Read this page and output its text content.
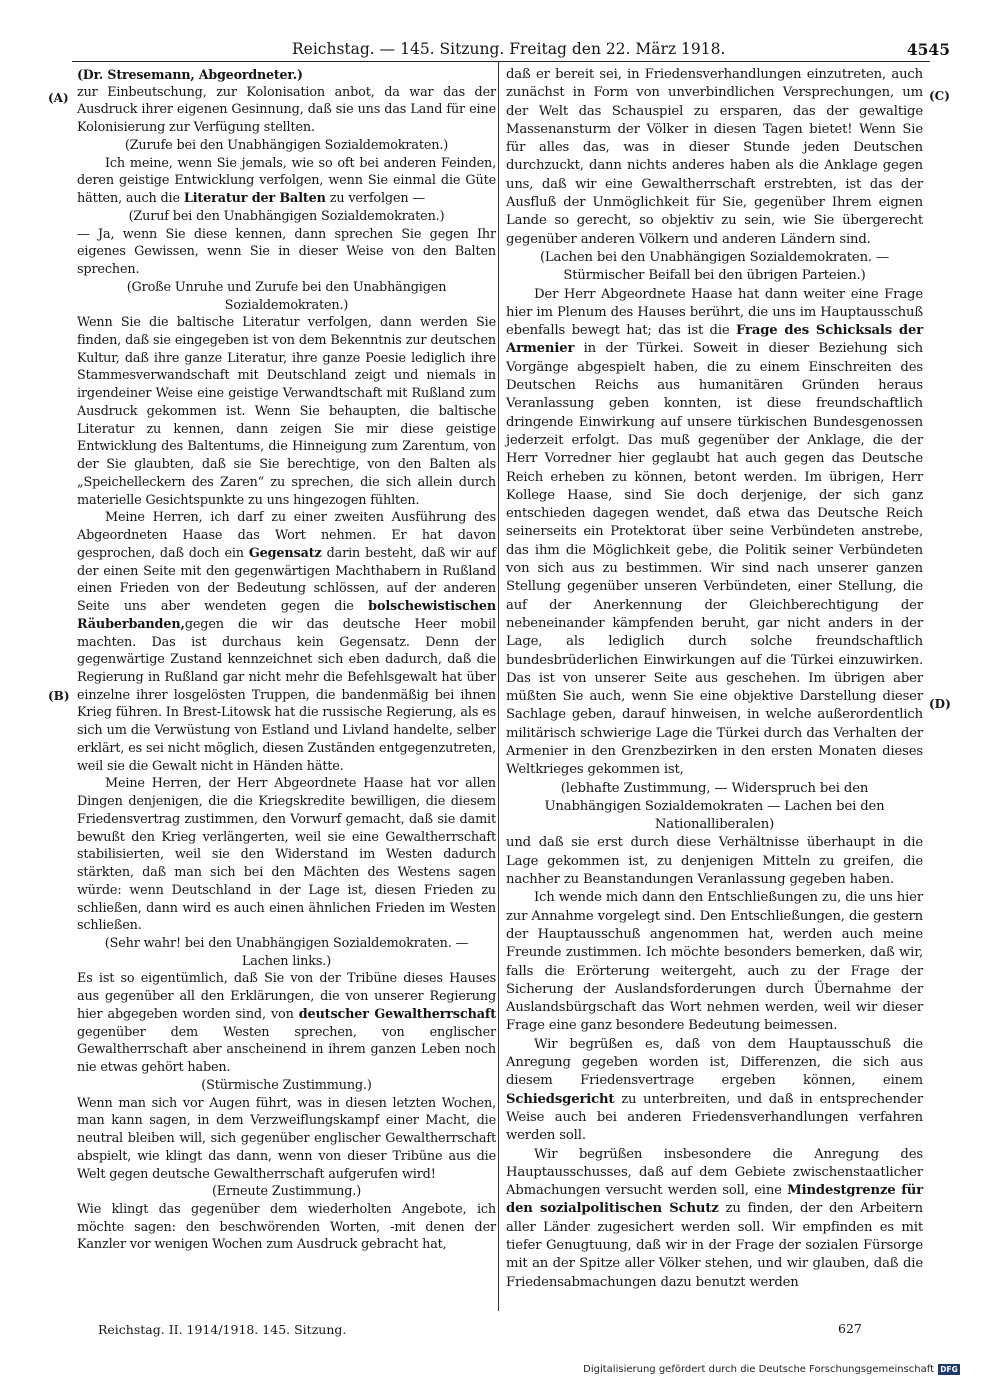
Reichstag. — 145. Sitzung. Freitag den 22. März 1918.	4545
(A)
(B)
(C)
(D)

(Dr. Stresemann, Abgeordneter.)

zur Einbeutschung, zur Kolonisation anbot, da war das der Ausdruck ihrer eigenen Gesinnung, daß sie uns das Land für eine Kolonisierung zur Verfügung stellten.

(Zurufe bei den Unabhängigen Sozialdemokraten.)

Ich meine, wenn Sie jemals, wie so oft bei anderen Feinden, deren geistige Entwicklung verfolgen, wenn Sie einmal die Güte hätten, auch die Literatur der Balten zu verfolgen —

(Zuruf bei den Unabhängigen Sozialdemokraten.)

— Ja, wenn Sie diese kennen, dann sprechen Sie gegen Ihr eigenes Gewissen, wenn Sie in dieser Weise von den Balten sprechen.

(Große Unruhe und Zurufe bei den Unabhängigen Sozialdemokraten.)

Wenn Sie die baltische Literatur verfolgen, dann werden Sie finden, daß sie eingegeben ist von dem Bekenntnis zur deutschen Kultur, daß ihre ganze Literatur, ihre ganze Poesie lediglich ihre Stammesverwandschaft mit Deutschland zeigt und niemals in irgendeiner Weise eine geistige Verwandtschaft mit Rußland zum Ausdruck gekommen ist. Wenn Sie behaupten, die baltische Literatur zu kennen, dann zeigen Sie mir diese geistige Entwicklung des Baltentums, die Hinneigung zum Zarentum, von der Sie glaubten, daß sie Sie berechtige, von den Balten als „Speichelleckern des Zaren“ zu sprechen, die sich allein durch materielle Gesichtspunkte zu uns hingezogen fühlten.

Meine Herren, ich darf zu einer zweiten Ausführung des Abgeordneten Haase das Wort nehmen. Er hat davon gesprochen, daß doch ein Gegensatz darin besteht, daß wir auf der einen Seite mit den gegenwärtigen Machthabern in Rußland einen Frieden von der Bedeutung schlössen, auf der anderen Seite uns aber wendeten gegen die bolschewistischen Räuberbanden,gegen die wir das deutsche Heer mobil machten. Das ist durchaus kein Gegensatz. Denn der gegenwärtige Zustand kennzeichnet sich eben dadurch, daß die Regierung in Rußland gar nicht mehr die Befehlsgewalt hat über einzelne ihrer losgelösten Truppen, die bandenmäßig bei ihnen Krieg führen. In Brest-Litowsk hat die russische Regierung, als es sich um die Verwüstung von Estland und Livland handelte, selber erklärt, es sei nicht möglich, diesen Zuständen entgegenzutreten, weil sie die Gewalt nicht in Händen hätte.

Meine Herren, der Herr Abgeordnete Haase hat vor allen Dingen denjenigen, die die Kriegskredite bewilligen, die diesem Friedensvertrag zustimmen, den Vorwurf gemacht, daß sie damit bewußt den Krieg verlängerten, weil sie eine Gewaltherrschaft stabilisierten, weil sie den Widerstand im Westen dadurch stärkten, daß man sich bei den Mächten des Westens sagen würde: wenn Deutschland in der Lage ist, diesen Frieden zu schließen, dann wird es auch einen ähnlichen Frieden im Westen schließen.

(Sehr wahr! bei den Unabhängigen Sozialdemokraten. — Lachen links.)

Es ist so eigentümlich, daß Sie von der Tribüne dieses Hauses aus gegenüber all den Erklärungen, die von unserer Regierung hier abgegeben worden sind, von deutscher Gewaltherrschaft gegenüber dem Westen sprechen, von englischer Gewaltherrschaft aber anscheinend in ihrem ganzen Leben noch nie etwas gehört haben.

(Stürmische Zustimmung.)

Wenn man sich vor Augen führt, was in diesen letzten Wochen, man kann sagen, in dem Verzweiflungskampf einer Macht, die neutral bleiben will, sich gegenüber englischer Gewaltherrschaft abspielt, wie klingt das dann, wenn von dieser Tribüne aus die Welt gegen deutsche Gewaltherrschaft aufgerufen wird!

(Erneute Zustimmung.)

Wie klingt das gegenüber dem wiederholten Angebote, ich möchte sagen: den beschwörenden Worten, -mit denen der Kanzler vor wenigen Wochen zum Ausdruck gebracht hat,

daß er bereit sei, in Friedensverhandlungen einzutreten, auch zunächst in Form von unverbindlichen Versprechungen, um der Welt das Schauspiel zu ersparen, das der gewaltige Massenansturm der Völker in diesen Tagen bietet! Wenn Sie für alles das, was in dieser Stunde jeden Deutschen durchzuckt, dann nichts anderes haben als die Anklage gegen uns, daß wir eine Gewaltherrschaft erstrebten, ist das der Ausfluß der Unmöglichkeit für Sie, gegenüber Ihrem eignen Lande so gerecht, so objektiv zu sein, wie Sie übergerecht gegenüber anderen Völkern und anderen Ländern sind.

(Lachen bei den Unabhängigen Sozialdemokraten. — Stürmischer Beifall bei den übrigen Parteien.)

Der Herr Abgeordnete Haase hat dann weiter eine Frage hier im Plenum des Hauses berührt, die uns im Hauptausschuß ebenfalls bewegt hat; das ist die Frage des Schicksals der Armenier in der Türkei. Soweit in dieser Beziehung sich Vorgänge abgespielt haben, die zu einem Einschreiten des Deutschen Reichs aus humanitären Gründen heraus Veranlassung geben konnten, ist diese freundschaftlich dringende Einwirkung auf unsere türkischen Bundesgenossen jederzeit erfolgt. Das muß gegenüber der Anklage, die der Herr Vorredner hier geglaubt hat auch gegen das Deutsche Reich erheben zu können, betont werden. Im übrigen, Herr Kollege Haase, sind Sie doch derjenige, der sich ganz entschieden dagegen wendet, daß etwa das Deutsche Reich seinerseits ein Protektorat über seine Verbündeten anstrebe, das ihm die Möglichkeit gebe, die Politik seiner Verbündeten von sich aus zu bestimmen. Wir sind nach unserer ganzen Stellung gegenüber unseren Verbündeten, einer Stellung, die auf der Anerkennung der Gleichberechtigung der nebeneinander kämpfenden beruht, gar nicht anders in der Lage, als lediglich durch solche freundschaftlich bundesbrüderlichen Einwirkungen auf die Türkei einzuwirken. Das ist von unserer Seite aus geschehen. Im übrigen aber müßten Sie auch, wenn Sie eine objektive Darstellung dieser Sachlage geben, darauf hinweisen, in welche außerordentlich militärisch schwierige Lage die Türkei durch das Verhalten der Armenier in den Grenzbezirken in den ersten Monaten dieses Weltkrieges gekommen ist,

(lebhafte Zustimmung, — Widerspruch bei den Unabhängigen Sozialdemokraten — Lachen bei den Nationalliberalen)

und daß sie erst durch diese Verhältnisse überhaupt in die Lage gekommen ist, zu denjenigen Mitteln zu greifen, die nachher zu Beanstandungen Veranlassung gegeben haben.

Ich wende mich dann den Entschließungen zu, die uns hier zur Annahme vorgelegt sind. Den Entschließungen, die gestern der Hauptausschuß angenommen hat, werden auch meine Freunde zustimmen. Ich möchte besonders bemerken, daß wir, falls die Erörterung weitergeht, auch zu der Frage der Sicherung der Auslandsforderungen durch Übernahme der Auslandsbürgschaft das Wort nehmen werden, weil wir dieser Frage eine ganz besondere Bedeutung beimessen.

Wir begrüßen es, daß von dem Hauptausschuß die Anregung gegeben worden ist, Differenzen, die sich aus diesem Friedensvertrage ergeben können, einem Schiedsgericht zu unterbreiten, und daß in entsprechender Weise auch bei anderen Friedensverhandlungen verfahren werden soll.

Wir begrüßen insbesondere die Anregung des Hauptausschusses, daß auf dem Gebiete zwischenstaatlicher Abmachungen versucht werden soll, eine Mindestgrenze für den sozialpolitischen Schutz zu finden, der den Arbeitern aller Länder zugesichert werden soll. Wir empfinden es mit tiefer Genugtuung, daß wir in der Frage der sozialen Fürsorge mit an der Spitze aller Völker stehen, und wir glauben, daß die Friedensabmachungen dazu benutzt werden

Reichstag. II. 1914/1918. 145. Sitzung.	627
Digitalisierung gefördert durch die Deutsche Forschungsgemeinschaft DFG
